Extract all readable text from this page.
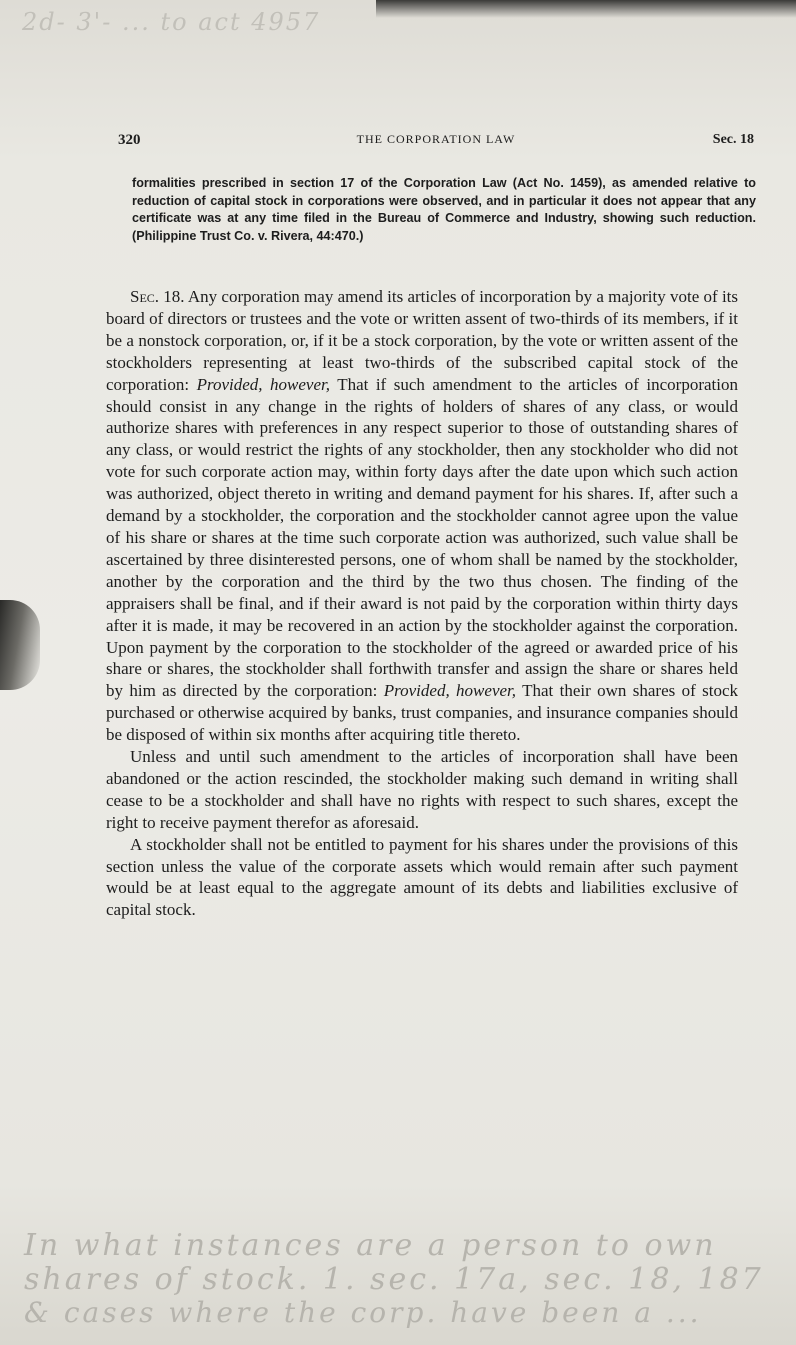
2d- 3'- ... to act 4957
320	THE CORPORATION LAW	Sec. 18

formalities prescribed in section 17 of the Corporation Law (Act No. 1459), as amended relative to reduction of capital stock in corporations were observed, and in particular it does not appear that any certificate was at any time filed in the Bureau of Commerce and Industry, showing such reduction. (Philippine Trust Co. v. Rivera, 44:470.)

Sec. 18. Any corporation may amend its articles of incorporation by a majority vote of its board of directors or trustees and the vote or written assent of two-thirds of its members, if it be a nonstock corporation, or, if it be a stock corporation, by the vote or written assent of the stockholders representing at least two-thirds of the subscribed capital stock of the corporation: Provided, however, That if such amendment to the articles of incorporation should consist in any change in the rights of holders of shares of any class, or would authorize shares with preferences in any respect superior to those of outstanding shares of any class, or would restrict the rights of any stockholder, then any stockholder who did not vote for such corporate action may, within forty days after the date upon which such action was authorized, object thereto in writing and demand payment for his shares. If, after such a demand by a stockholder, the corporation and the stockholder cannot agree upon the value of his share or shares at the time such corporate action was authorized, such value shall be ascertained by three disinterested persons, one of whom shall be named by the stockholder, another by the corporation and the third by the two thus chosen. The finding of the appraisers shall be final, and if their award is not paid by the corporation within thirty days after it is made, it may be recovered in an action by the stockholder against the corporation. Upon payment by the corporation to the stockholder of the agreed or awarded price of his share or shares, the stockholder shall forthwith transfer and assign the share or shares held by him as directed by the corporation: Provided, however, That their own shares of stock purchased or otherwise acquired by banks, trust companies, and insurance companies should be disposed of within six months after acquiring title thereto.

Unless and until such amendment to the articles of incorporation shall have been abandoned or the action rescinded, the stockholder making such demand in writing shall cease to be a stockholder and shall have no rights with respect to such shares, except the right to receive payment therefor as aforesaid.

A stockholder shall not be entitled to payment for his shares under the provisions of this section unless the value of the corporate assets which would remain after such payment would be at least equal to the aggregate amount of its debts and liabilities exclusive of capital stock.

In what instances are a person to own
shares of stock. 1. sec. 17a, sec. 18, 187
& cases where the corp. have been a ...
